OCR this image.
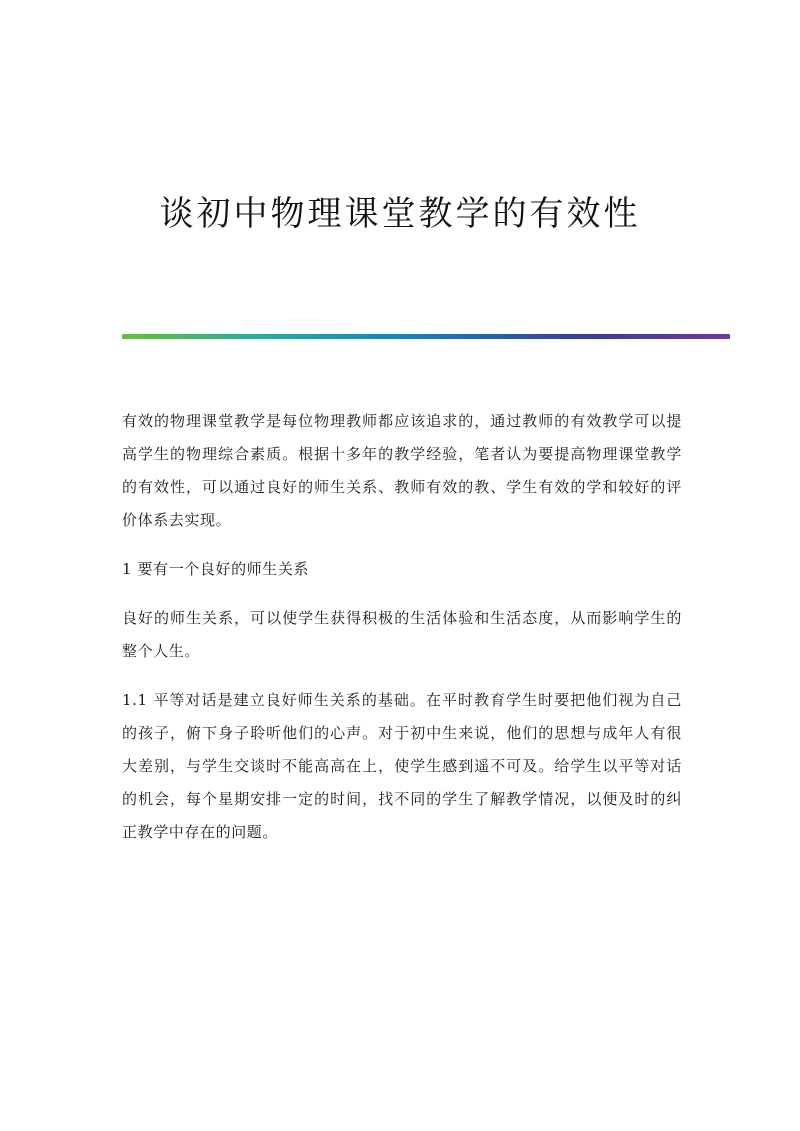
谈初中物理课堂教学的有效性

有效的物理课堂教学是每位物理教师都应该追求的，通过教师的有效教学可以提高学生的物理综合素质。根据十多年的教学经验，笔者认为要提高物理课堂教学的有效性，可以通过良好的师生关系、教师有效的教、学生有效的学和较好的评价体系去实现。

1 要有一个良好的师生关系

良好的师生关系，可以使学生获得积极的生活体验和生活态度，从而影响学生的整个人生。

1.1 平等对话是建立良好师生关系的基础。在平时教育学生时要把他们视为自己的孩子，俯下身子聆听他们的心声。对于初中生来说，他们的思想与成年人有很大差别，与学生交谈时不能高高在上，使学生感到遥不可及。给学生以平等对话的机会，每个星期安排一定的时间，找不同的学生了解教学情况，以便及时的纠正教学中存在的问题。
